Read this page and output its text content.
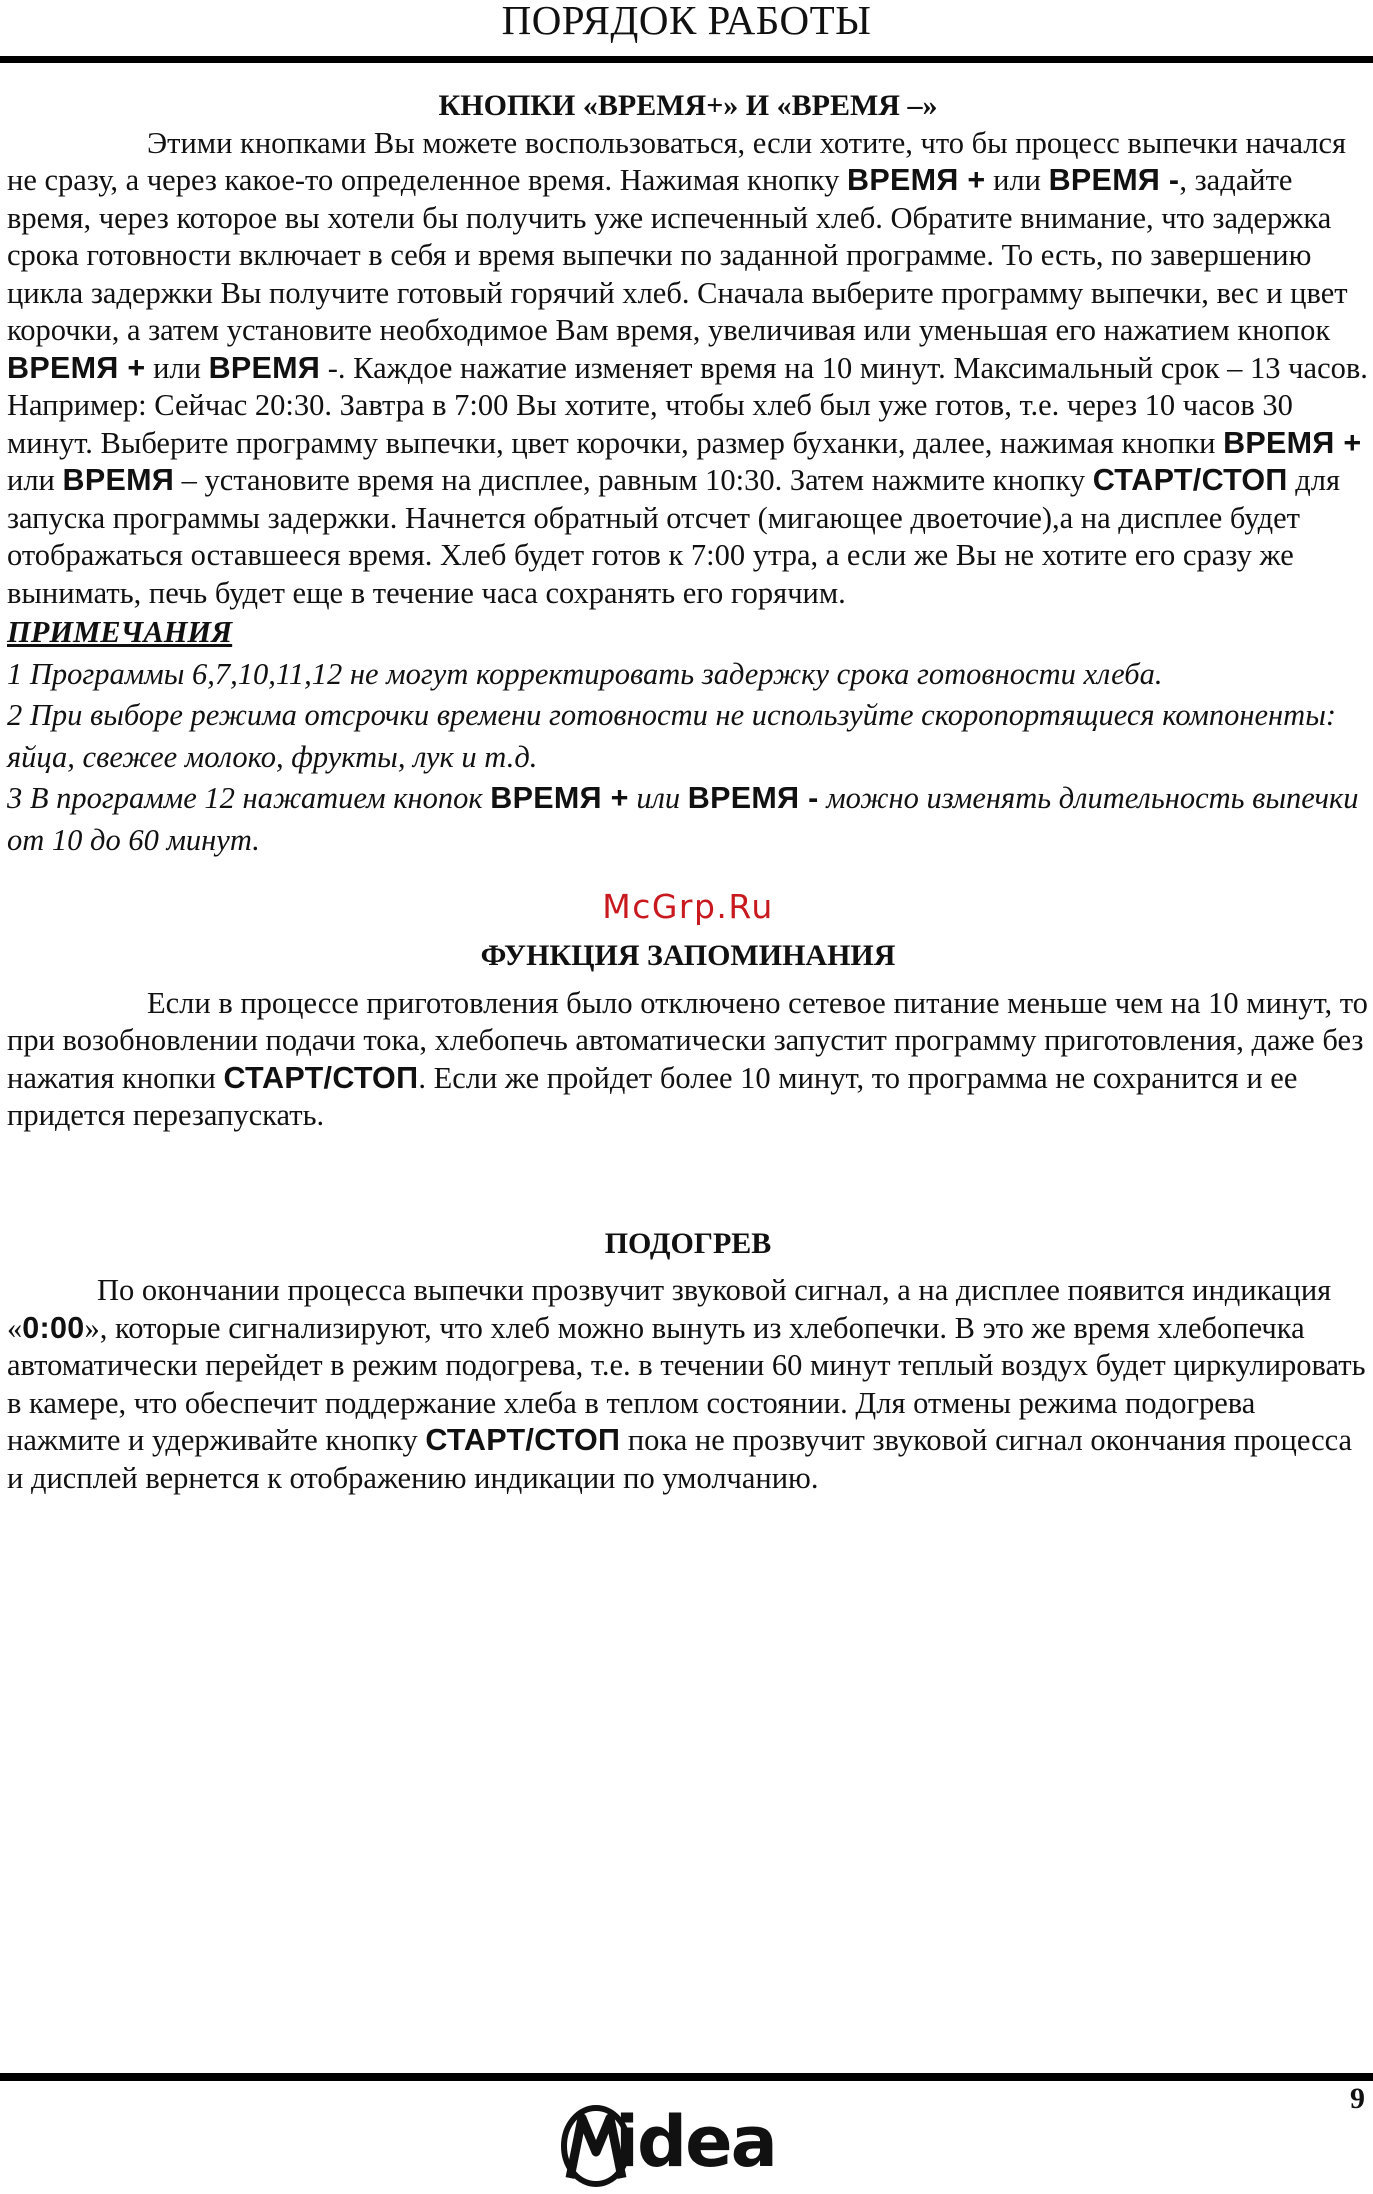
ПОРЯДОК РАБОТЫ

КНОПКИ «ВРЕМЯ+» И «ВРЕМЯ –»

Этими кнопками Вы можете воспользоваться, если хотите, что бы процесс выпечки начался не сразу, а через какое-то определенное время. Нажимая кнопку ВРЕМЯ + или ВРЕМЯ -, задайте время, через которое вы хотели бы получить уже испеченный хлеб. Обратите внимание, что задержка срока готовности включает в себя и время выпечки по заданной программе. То есть, по завершению цикла задержки Вы получите готовый горячий хлеб. Сначала выберите программу выпечки, вес и цвет корочки, а затем установите необходимое Вам время, увеличивая или уменьшая его нажатием кнопок ВРЕМЯ + или ВРЕМЯ -. Каждое нажатие изменяет время на 10 минут. Максимальный срок – 13 часов.

Например: Сейчас 20:30. Завтра в 7:00 Вы хотите, чтобы хлеб был уже готов, т.е. через 10 часов 30 минут. Выберите программу выпечки, цвет корочки, размер буханки, далее, нажимая кнопки ВРЕМЯ + или ВРЕМЯ – установите время на дисплее, равным 10:30. Затем нажмите кнопку СТАРТ/СТОП для запуска программы задержки. Начнется обратный отсчет (мигающее двоеточие),а на дисплее будет отображаться оставшееся время. Хлеб будет готов к 7:00 утра, а если же Вы не хотите его сразу же вынимать, печь будет еще в течение часа сохранять его горячим.

ПРИМЕЧАНИЯ

1 Программы 6,7,10,11,12 не могут корректировать задержку срока готовности хлеба.

2 При выборе режима отсрочки времени готовности не используйте скоропортящиеся компоненты: яйца, свежее молоко, фрукты, лук и т.д.

3 В программе 12 нажатием кнопок ВРЕМЯ + или ВРЕМЯ - можно изменять длительность выпечки от 10 до 60 минут.

McGrp.Ru

ФУНКЦИЯ ЗАПОМИНАНИЯ

Если в процессе приготовления было отключено сетевое питание меньше чем на 10 минут, то при возобновлении подачи тока, хлебопечь автоматически запустит программу приготовления, даже без нажатия кнопки СТАРТ/СТОП. Если же пройдет более 10 минут, то программа не сохранится и ее придется перезапускать.

ПОДОГРЕВ

По окончании процесса выпечки прозвучит звуковой сигнал, а на дисплее появится индикация «0:00», которые сигнализируют, что хлеб можно вынуть из хлебопечки. В это же время хлебопечка автоматически перейдет в режим подогрева, т.е. в течении 60 минут теплый воздух будет циркулировать в камере, что обеспечит поддержание хлеба в теплом состоянии. Для отмены режима подогрева нажмите и удерживайте кнопку СТАРТ/СТОП пока не прозвучит звуковой сигнал окончания процесса и дисплей вернется к отображению индикации по умолчанию.

9
idea
